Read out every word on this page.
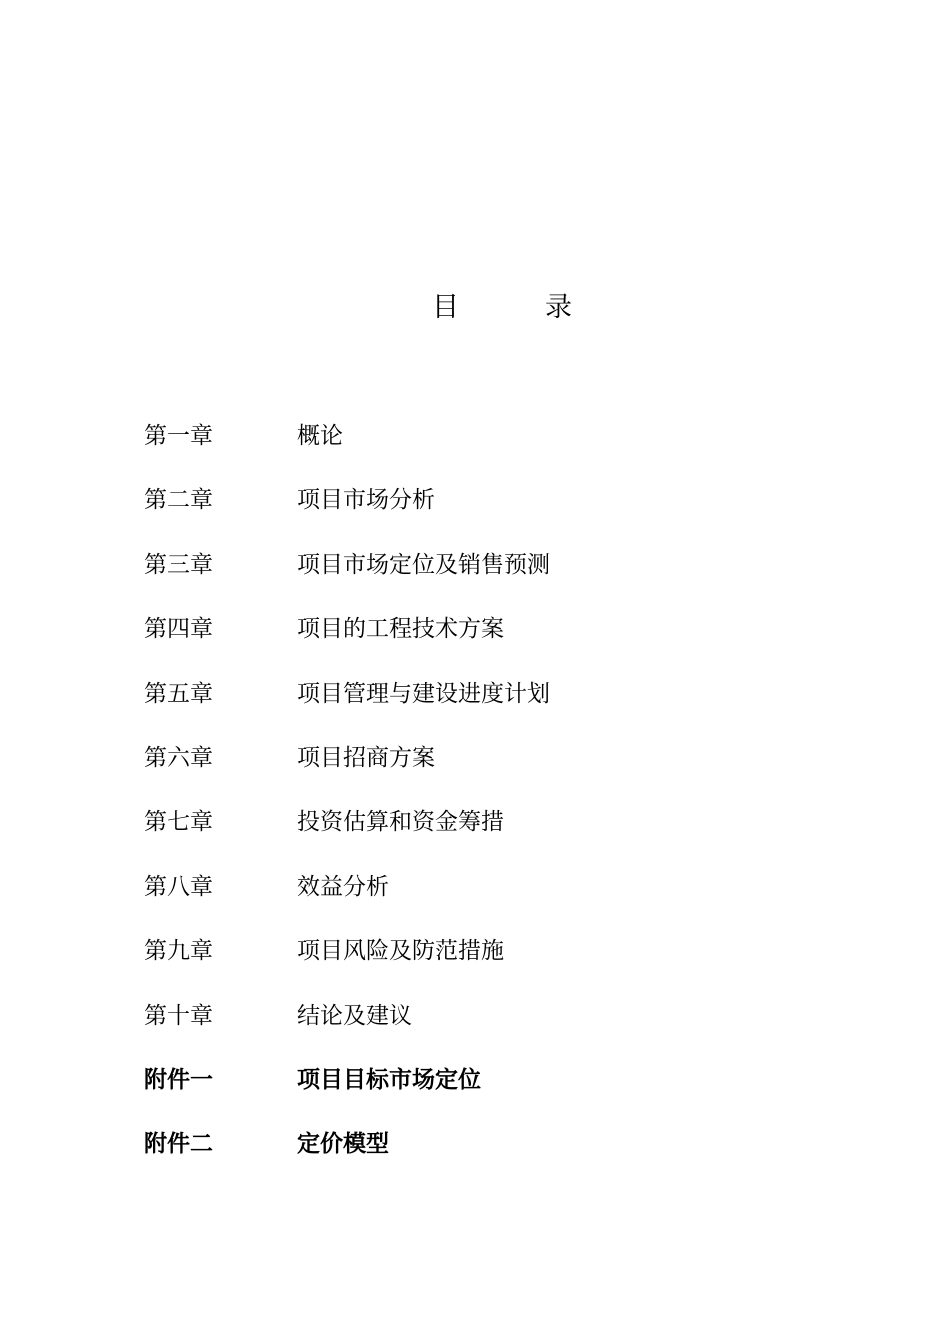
目	录
第一章	概论
第二章	项目市场分析
第三章	项目市场定位及销售预测
第四章	项目的工程技术方案
第五章	项目管理与建设进度计划
第六章	项目招商方案
第七章	投资估算和资金筹措
第八章	效益分析
第九章	项目风险及防范措施
第十章	结论及建议
附件一	项目目标市场定位
附件二	定价模型
